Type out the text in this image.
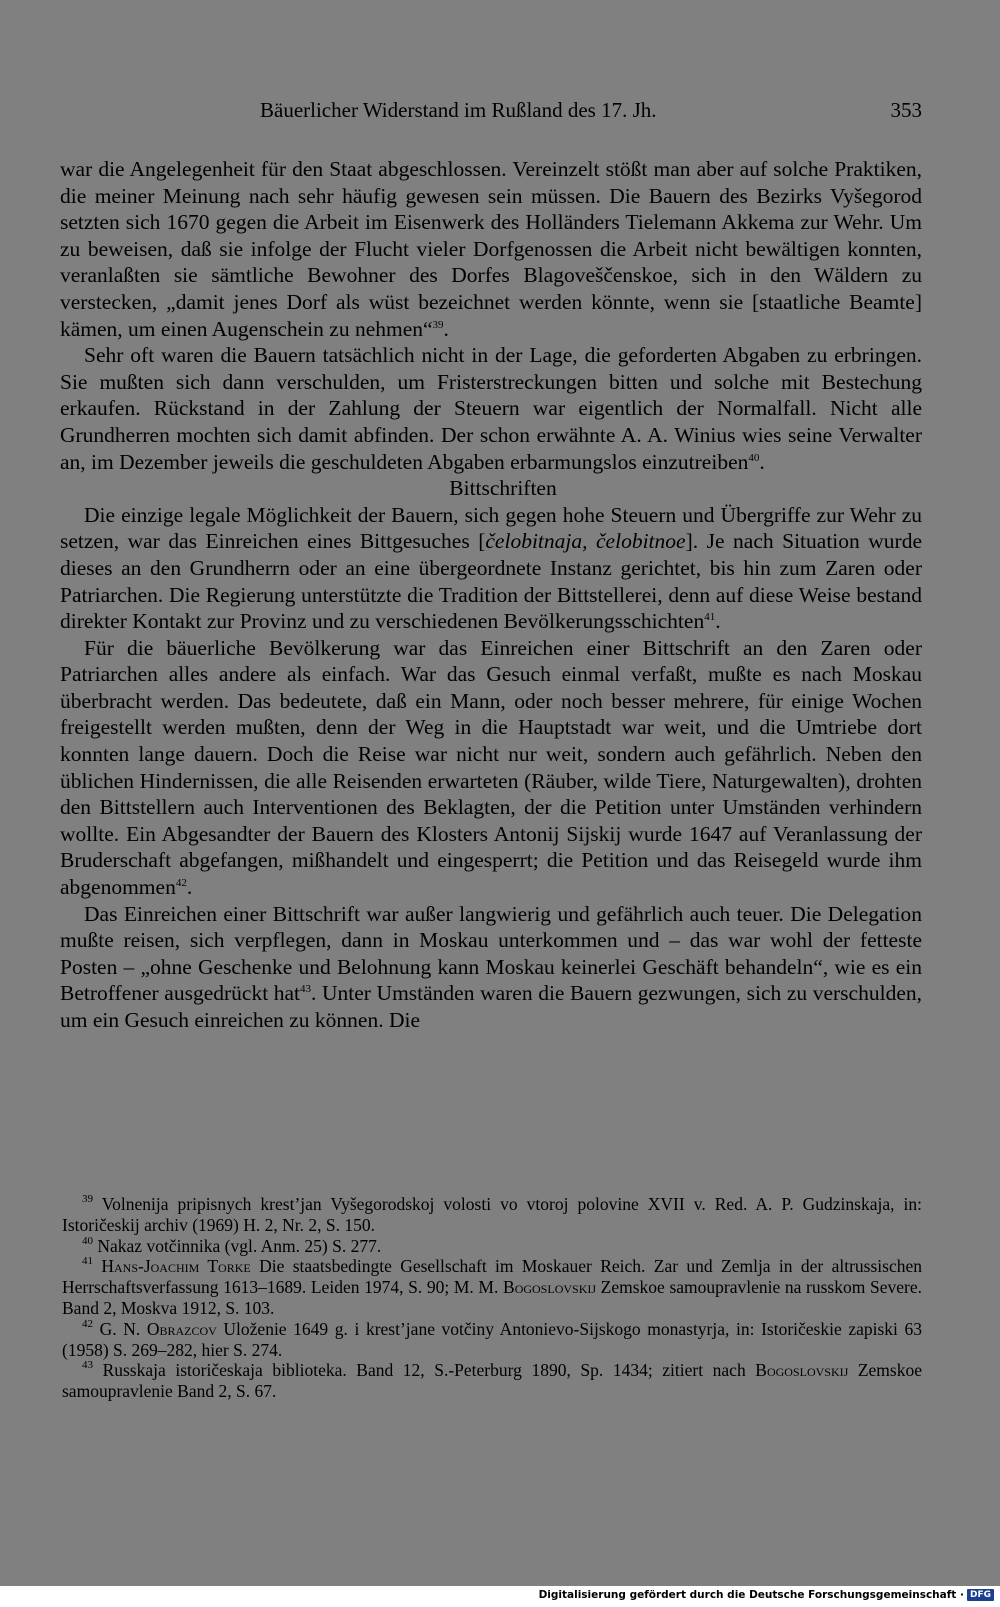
Bäuerlicher Widerstand im Rußland des 17. Jh.	353

war die Angelegenheit für den Staat abgeschlossen. Vereinzelt stößt man aber auf solche Praktiken, die meiner Meinung nach sehr häufig gewesen sein müssen. Die Bauern des Bezirks Vyšegorod setzten sich 1670 gegen die Arbeit im Eisenwerk des Holländers Tielemann Akkema zur Wehr. Um zu beweisen, daß sie infolge der Flucht vieler Dorfgenossen die Arbeit nicht bewältigen konnten, veranlaßten sie sämtliche Bewohner des Dorfes Blagoveščenskoe, sich in den Wäldern zu verstecken, „damit jenes Dorf als wüst bezeichnet werden könnte, wenn sie [staatliche Beamte] kämen, um einen Augenschein zu nehmen“$^{39}$.

Sehr oft waren die Bauern tatsächlich nicht in der Lage, die geforderten Abgaben zu erbringen. Sie mußten sich dann verschulden, um Fristerstreckungen bitten und solche mit Bestechung erkaufen. Rückstand in der Zahlung der Steuern war eigentlich der Normalfall. Nicht alle Grundherren mochten sich damit abfinden. Der schon erwähnte A. A. Winius wies seine Verwalter an, im Dezember jeweils die geschuldeten Abgaben erbarmungslos einzutreiben$^{40}$.

Bittschriften

Die einzige legale Möglichkeit der Bauern, sich gegen hohe Steuern und Übergriffe zur Wehr zu setzen, war das Einreichen eines Bittgesuches [čelobitnaja, čelobitnoe]. Je nach Situation wurde dieses an den Grundherrn oder an eine übergeordnete Instanz gerichtet, bis hin zum Zaren oder Patriarchen. Die Regierung unterstützte die Tradition der Bittstellerei, denn auf diese Weise bestand direkter Kontakt zur Provinz und zu verschiedenen Bevölkerungsschichten$^{41}$.

Für die bäuerliche Bevölkerung war das Einreichen einer Bittschrift an den Zaren oder Patriarchen alles andere als einfach. War das Gesuch einmal verfaßt, mußte es nach Moskau überbracht werden. Das bedeutete, daß ein Mann, oder noch besser mehrere, für einige Wochen freigestellt werden mußten, denn der Weg in die Hauptstadt war weit, und die Umtriebe dort konnten lange dauern. Doch die Reise war nicht nur weit, sondern auch gefährlich. Neben den üblichen Hindernissen, die alle Reisenden erwarteten (Räuber, wilde Tiere, Naturgewalten), drohten den Bittstellern auch Interventionen des Beklagten, der die Petition unter Umständen verhindern wollte. Ein Abgesandter der Bauern des Klosters Antonij Sijskij wurde 1647 auf Veranlassung der Bruderschaft abgefangen, mißhandelt und eingesperrt; die Petition und das Reisegeld wurde ihm abgenommen$^{42}$.

Das Einreichen einer Bittschrift war außer langwierig und gefährlich auch teuer. Die Delegation mußte reisen, sich verpflegen, dann in Moskau unterkommen und – das war wohl der fetteste Posten – „ohne Geschenke und Belohnung kann Moskau keinerlei Geschäft behandeln“, wie es ein Betroffener ausgedrückt hat$^{43}$. Unter Umständen waren die Bauern gezwungen, sich zu verschulden, um ein Gesuch einreichen zu können. Die

$^{39}$ Volnenija pripisnych krest’jan Vyšegorodskoj volosti vo vtoroj polovine XVII v. Red. A. P. Gudzinskaja, in: Istoričeskij archiv (1969) H. 2, Nr. 2, S. 150.

$^{40}$ Nakaz votčinnika (vgl. Anm. 25) S. 277.

$^{41}$ Hans-Joachim Torke Die staatsbedingte Gesellschaft im Moskauer Reich. Zar und Zemlja in der altrussischen Herrschaftsverfassung 1613–1689. Leiden 1974, S. 90; M. M. Bogoslovskij Zemskoe samoupravlenie na russkom Severe. Band 2, Moskva 1912, S. 103.

$^{42}$ G. N. Obrazcov Uloženie 1649 g. i krest’jane votčiny Antonievo-Sijskogo monastyrja, in: Istoričeskie zapiski 63 (1958) S. 269–282, hier S. 274.

$^{43}$ Russkaja istoričeskaja biblioteka. Band 12, S.-Peterburg 1890, Sp. 1434; zitiert nach Bogoslovskij Zemskoe samoupravlenie Band 2, S. 67.

Digitalisierung gefördert durch die Deutsche Forschungsgemeinschaft · DFG
